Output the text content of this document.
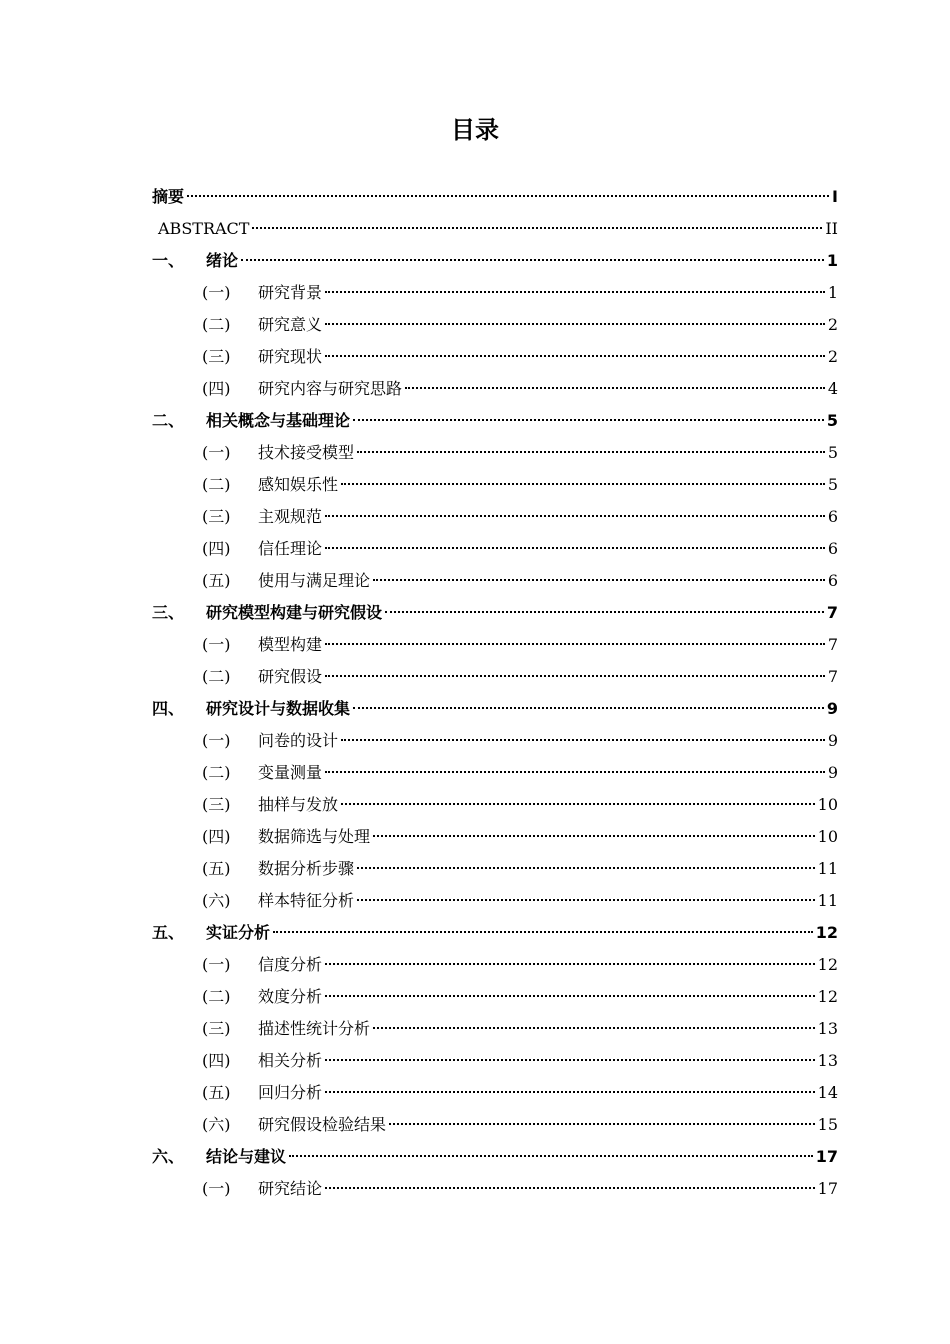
目录
摘要	I
ABSTRACT	II
一、	绪论	1
(一)	研究背景	1
(二)	研究意义	2
(三)	研究现状	2
(四)	研究内容与研究思路	4
二、	相关概念与基础理论	5
(一)	技术接受模型	5
(二)	感知娱乐性	5
(三)	主观规范	6
(四)	信任理论	6
(五)	使用与满足理论	6
三、	研究模型构建与研究假设	7
(一)	模型构建	7
(二)	研究假设	7
四、	研究设计与数据收集	9
(一)	问卷的设计	9
(二)	变量测量	9
(三)	抽样与发放	10
(四)	数据筛选与处理	10
(五)	数据分析步骤	11
(六)	样本特征分析	11
五、	实证分析	12
(一)	信度分析	12
(二)	效度分析	12
(三)	描述性统计分析	13
(四)	相关分析	13
(五)	回归分析	14
(六)	研究假设检验结果	15
六、	结论与建议	17
(一)	研究结论	17
